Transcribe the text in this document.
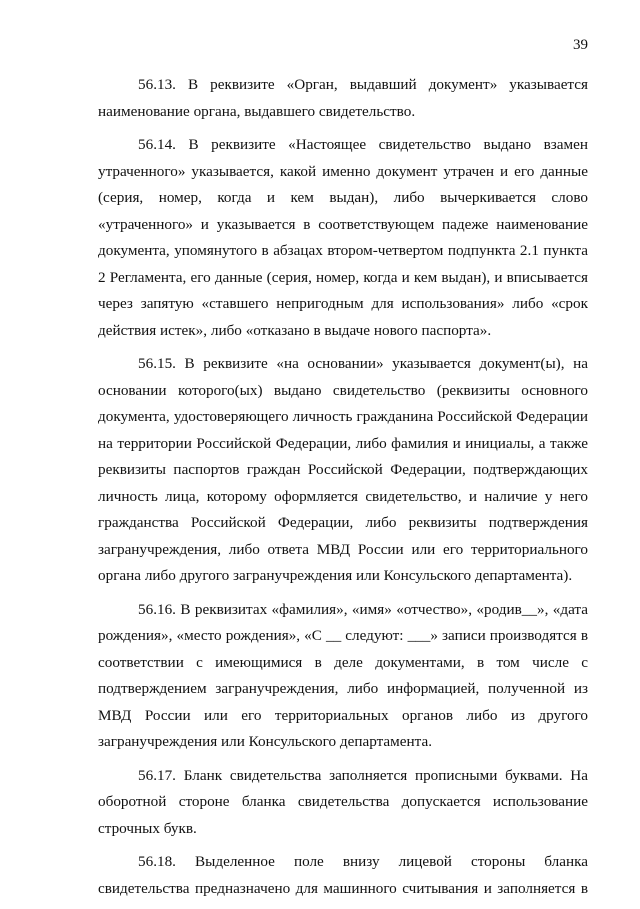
39

56.13. В реквизите «Орган, выдавший документ» указывается
наименование органа, выдавшего свидетельство.

56.14. В реквизите «Настоящее свидетельство выдано взамен
утраченного» указывается, какой именно документ утрачен и его данные
(серия, номер, когда и кем выдан), либо вычеркивается слово
«утраченного» и указывается в соответствующем падеже наименование
документа, упомянутого в абзацах втором-четвертом подпункта 2.1 пункта
2 Регламента, его данные (серия, номер, когда и кем выдан), и вписывается
через запятую «ставшего непригодным для использования» либо «срок
действия истек», либо «отказано в выдаче нового паспорта».

56.15. В реквизите «на основании» указывается документ(ы), на
основании которого(ых) выдано свидетельство (реквизиты основного
документа, удостоверяющего личность гражданина Российской Федерации
на территории Российской Федерации, либо фамилия и инициалы, а также
реквизиты паспортов граждан Российской Федерации, подтверждающих
личность лица, которому оформляется свидетельство, и наличие у него
гражданства Российской Федерации, либо реквизиты подтверждения
загранучреждения, либо ответа МВД России или его территориального
органа либо другого загранучреждения или Консульского департамента).

56.16. В реквизитах «фамилия», «имя» «отчество», «родив__», «дата
рождения», «место рождения», «С __ следуют: ___» записи производятся в
соответствии с имеющимися в деле документами, в том числе с
подтверждением загранучреждения, либо информацией, полученной из
МВД России или его территориальных органов либо из другого
загранучреждения или Консульского департамента.

56.17. Бланк свидетельства заполняется прописными буквами. На
оборотной стороне бланка свидетельства допускается использование
строчных букв.

56.18. Выделенное поле внизу лицевой стороны бланка
свидетельства предназначено для машинного считывания и заполняется в
